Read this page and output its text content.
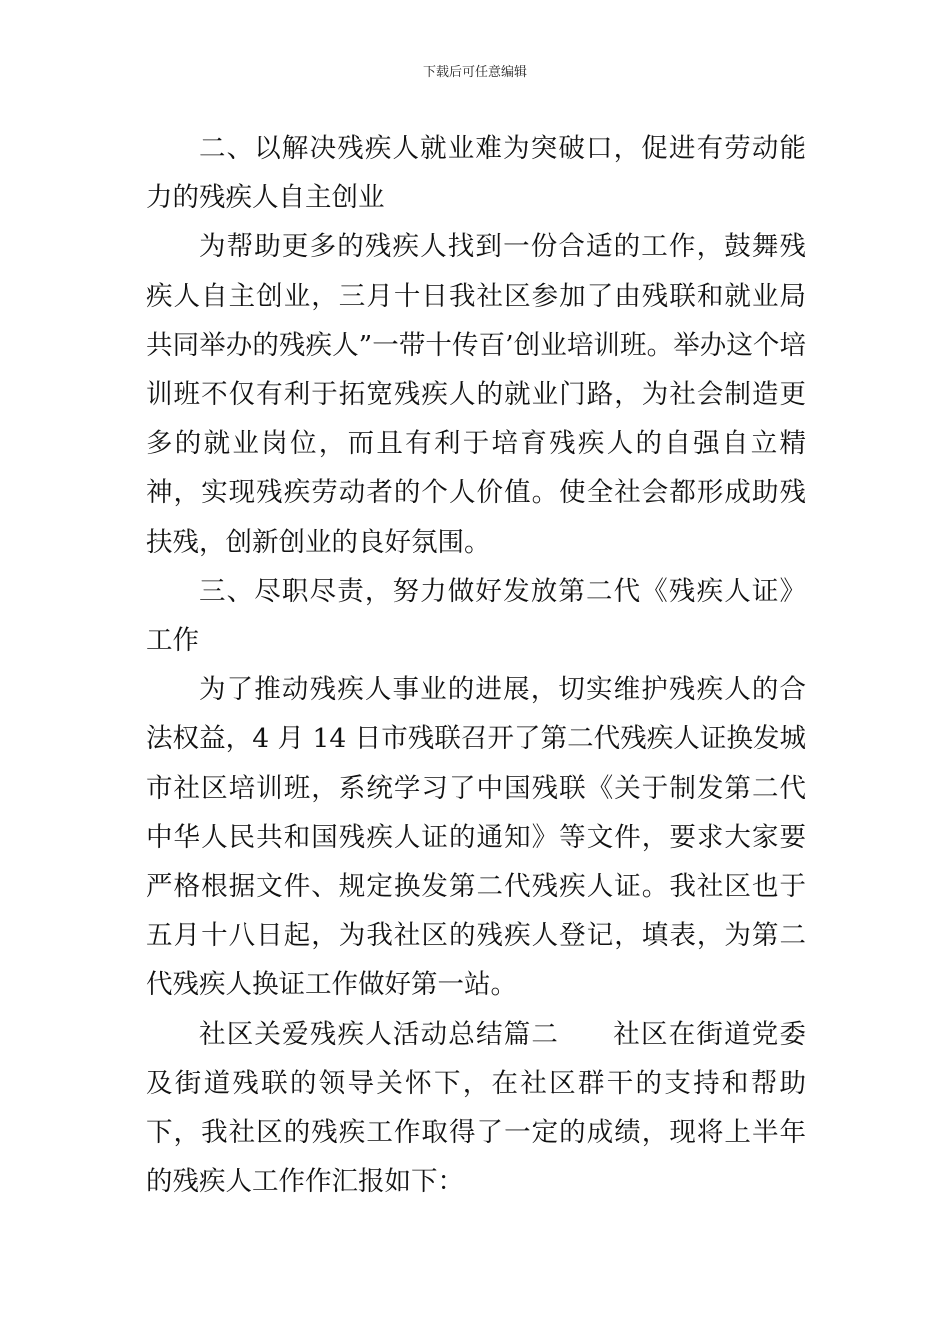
下载后可任意编辑

二、以解决残疾人就业难为突破口，促进有劳动能力的残疾人自主创业

为帮助更多的残疾人找到一份合适的工作，鼓舞残疾人自主创业，三月十日我社区参加了由残联和就业局共同举办的残疾人”一带十传百’创业培训班。举办这个培训班不仅有利于拓宽残疾人的就业门路，为社会制造更多的就业岗位，而且有利于培育残疾人的自强自立精神，实现残疾劳动者的个人价值。使全社会都形成助残扶残，创新创业的良好氛围。

三、尽职尽责，努力做好发放第二代《残疾人证》工作

为了推动残疾人事业的进展，切实维护残疾人的合法权益，4 月 14 日市残联召开了第二代残疾人证换发城市社区培训班，系统学习了中国残联《关于制发第二代中华人民共和国残疾人证的通知》等文件，要求大家要严格根据文件、规定换发第二代残疾人证。我社区也于五月十八日起，为我社区的残疾人登记，填表，为第二代残疾人换证工作做好第一站。

社区关爱残疾人活动总结篇二 社区在街道党委及街道残联的领导关怀下，在社区群干的支持和帮助下，我社区的残疾工作取得了一定的成绩，现将上半年的残疾人工作作汇报如下：
